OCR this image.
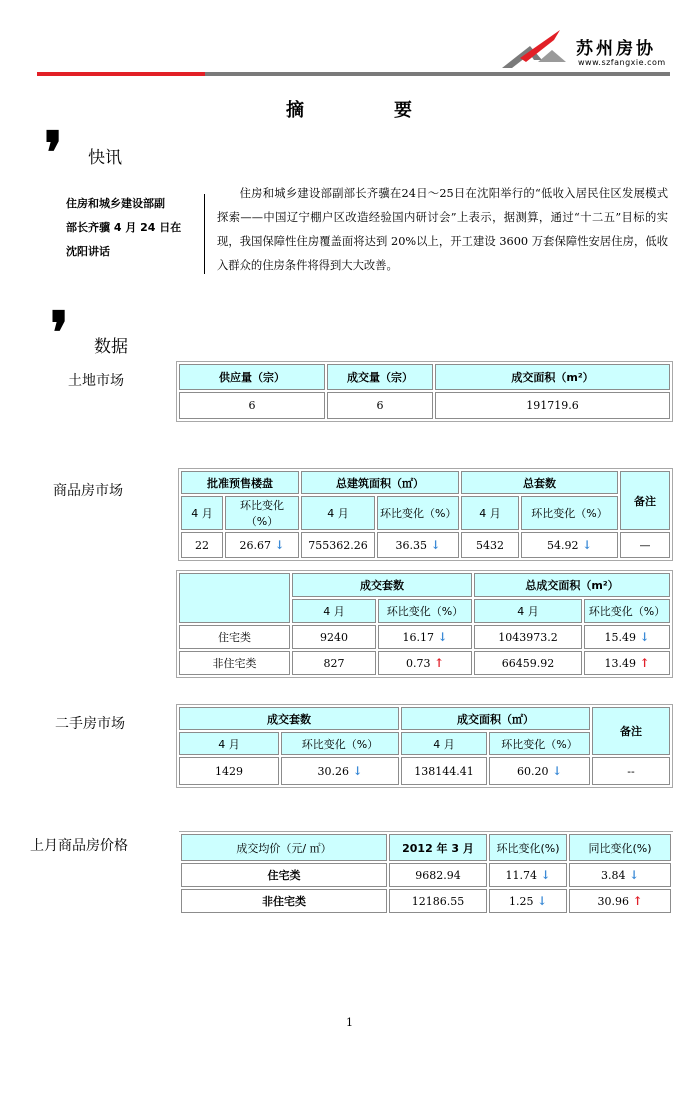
苏州房协
www.szfangxie.com
摘	要
❜ 快讯
住房和城乡建设部副
部长齐骥 4 月 24 日在
沈阳讲话
住房和城乡建设部副部长齐骥在24日～25日在沈阳举行的“低收入居民住区发展模式探索——中国辽宁棚户区改造经验国内研讨会”上表示，据测算，通过“十二五”目标的实现，我国保障性住房覆盖面将达到 20%以上，开工建设 3600 万套保障性安居住房，低收入群众的住房条件将得到大大改善。
❜ 数据
土地市场	供应量（宗）	成交量（宗）	成交面积（m²）
6	6	191719.6
商品房市场	批准预售楼盘		总建筑面积（㎡）		总套数		备注
4 月	环比变化（%）	4 月	环比变化（%）	4 月	环比变化（%）	
22	26.67 ↓	755362.26	36.35 ↓	5432	54.92 ↓	—
	成交套数		总成交面积（m²）	
	4 月	环比变化（%）	4 月	环比变化（%）
住宅类	9240	16.17 ↓	1043973.2	15.49 ↓
非住宅类	827	0.73 ↑	66459.92	13.49 ↑
二手房市场	成交套数		成交面积（㎡）		备注
4 月	环比变化（%）	4 月	环比变化（%）	
1429	30.26 ↓	138144.41	60.20 ↓	--
上月商品房价格	成交均价（元/ ㎡）	2012 年 3 月	环比变化(%)	同比变化(%)
住宅类	9682.94	11.74 ↓	3.84 ↓
非住宅类	12186.55	1.25 ↓	30.96 ↑
1
